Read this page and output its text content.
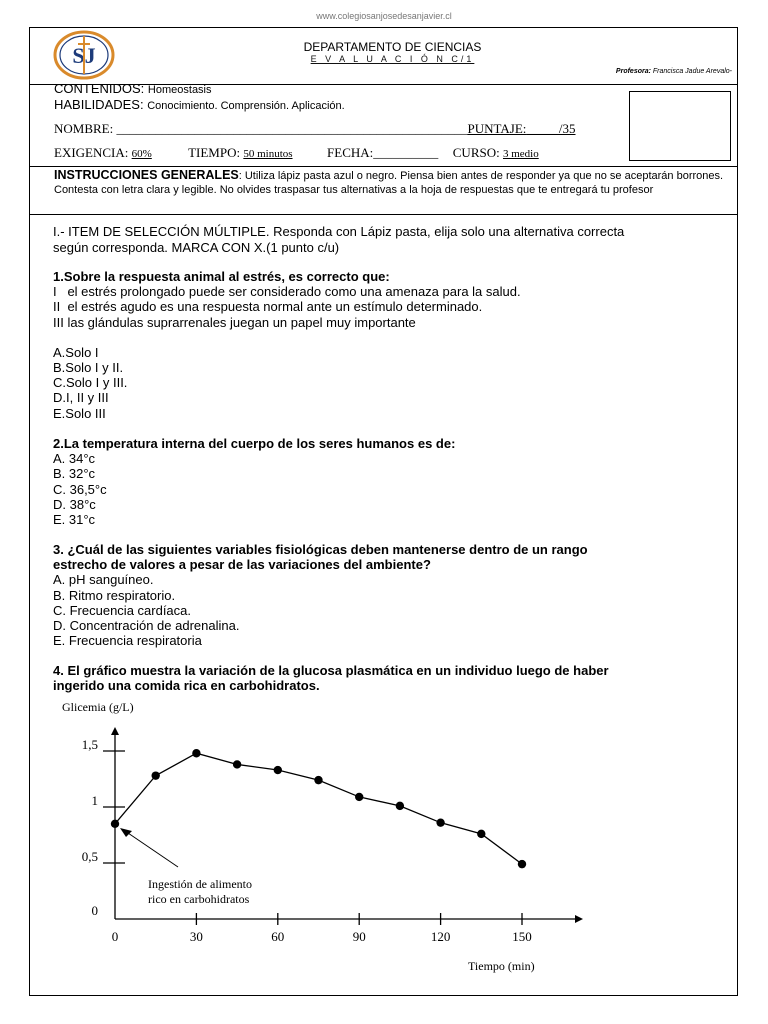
www.colegiosanjosedesanjavier.cl
SJ	DEPARTAMENTO DE CIENCIAS
E V A L U A C I Ó N C/1
Profesora: Francisca Jadue Arevalo-
CONTENIDOS: Homeostasis
HABILIDADES: Conocimiento. Comprensión. Aplicación.
NOMBRE: ______________________________________________________PUNTAJE:_____/35
EXIGENCIA: 60%	TIEMPO: 50 minutos	FECHA:__________ CURSO: 3 medio
INSTRUCCIONES GENERALES: Utiliza lápiz pasta azul o negro. Piensa bien antes de responder ya que no se aceptarán borrones. Contesta con letra clara y legible. No olvides traspasar tus alternativas a la hoja de respuestas que te entregará tu profesor
I.- ITEM DE SELECCIÓN MÚLTIPLE. Responda con Lápiz pasta, elija solo una alternativa correcta
según corresponda. MARCA CON X.(1 punto c/u)
1.Sobre la respuesta animal al estrés, es correcto que:
I   el estrés prolongado puede ser considerado como una amenaza para la salud.
II  el estrés agudo es una respuesta normal ante un estímulo determinado.
III las glándulas suprarrenales juegan un papel muy importante
A.Solo I
B.Solo I y II.
C.Solo I y III.
D.I, II y III
E.Solo III
2.La temperatura interna del cuerpo de los seres humanos es de:
A. 34°c
B. 32°c
C. 36,5°c
D. 38°c
E. 31°c
3. ¿Cuál de las siguientes variables fisiológicas deben mantenerse dentro de un rango
estrecho de valores a pesar de las variaciones del ambiente?
A. pH sanguíneo.
B. Ritmo respiratorio.
C. Frecuencia cardíaca.
D. Concentración de adrenalina.
E. Frecuencia respiratoria
4. El gráfico muestra la variación de la glucosa plasmática en un individuo luego de haber
ingerido una comida rica en carbohidratos.
Glicemia (g/L)
Tiempo (min)
Ingestión de alimento
rico en carbohidratos
0	30	60	90	120	150
0
0,5
1
1,5
